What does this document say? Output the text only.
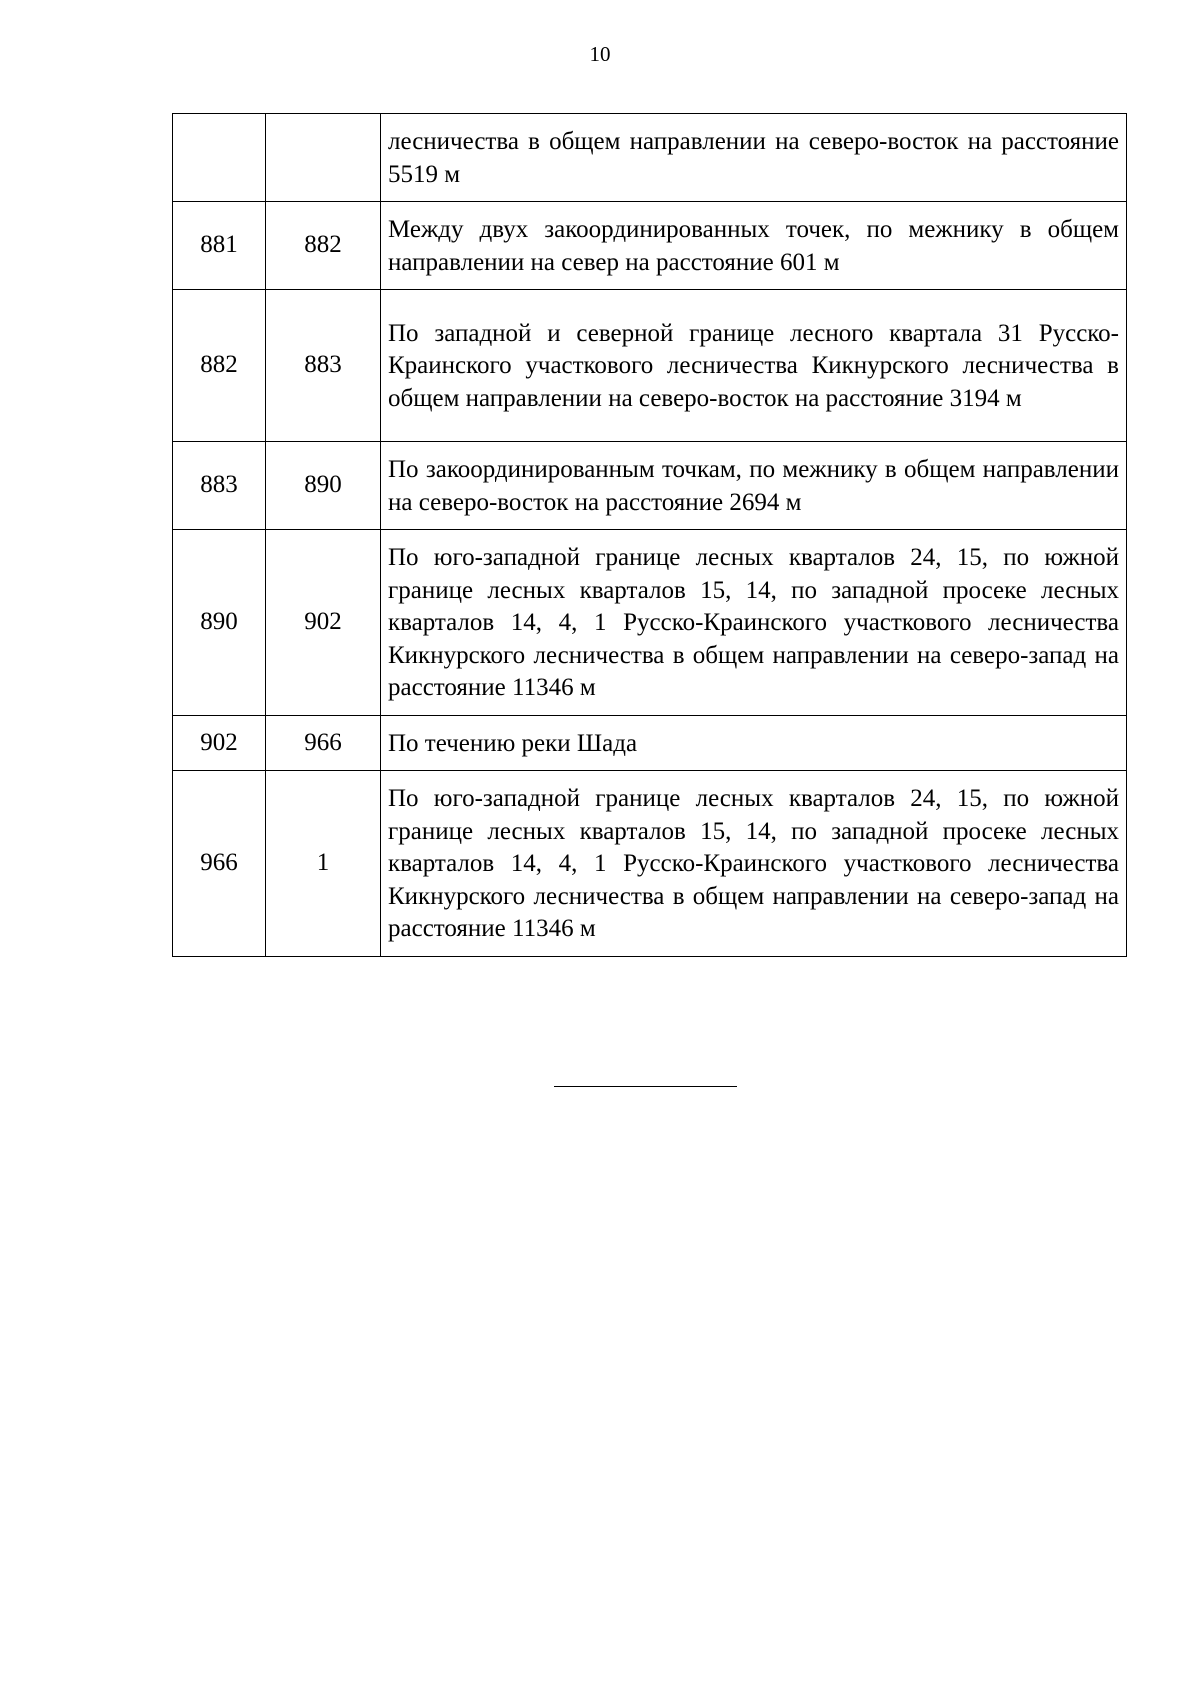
10
		лесничества в общем направлении на северо-восток на расстояние 5519 м
881	882	Между двух закоординированных точек, по межнику в общем направлении на север на расстояние 601 м
882	883	По западной и северной границе лесного квартала 31 Русско-Краинского участкового лесничества Кикнурского лесничества в общем направлении на северо-восток на расстояние 3194 м
883	890	По закоординированным точкам, по межнику в общем направлении на северо-восток на расстояние 2694 м
890	902	По юго-западной границе лесных кварталов 24, 15, по южной границе лесных кварталов 15, 14, по западной просеке лесных кварталов 14, 4, 1 Русско-Краинского участкового лесничества Кикнурского лесничества в общем направлении на северо-запад на расстояние 11346 м
902	966	По течению реки Шада
966	1	По юго-западной границе лесных кварталов 24, 15, по южной границе лесных кварталов 15, 14, по западной просеке лесных кварталов 14, 4, 1 Русско-Краинского участкового лесничества Кикнурского лесничества в общем направлении на северо-запад на расстояние 11346 м
